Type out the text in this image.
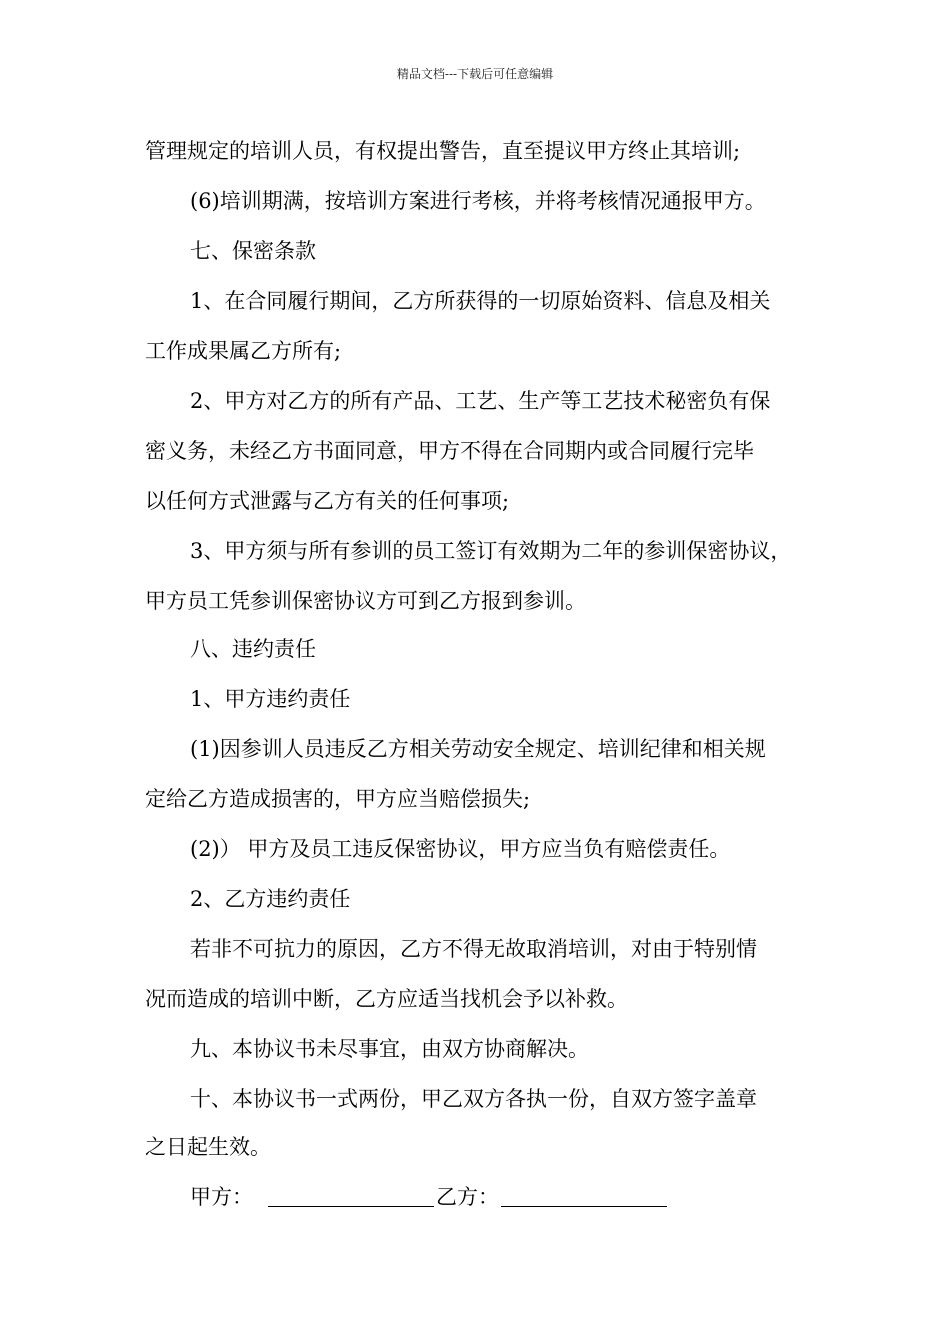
精品文档---下载后可任意编辑
管理规定的培训人员，有权提出警告，直至提议甲方终止其培训;
(6)培训期满，按培训方案进行考核，并将考核情况通报甲方。
七、保密条款
1、在合同履行期间，乙方所获得的一切原始资料、信息及相关
工作成果属乙方所有;
2、甲方对乙方的所有产品、工艺、生产等工艺技术秘密负有保
密义务，未经乙方书面同意，甲方不得在合同期内或合同履行完毕
以任何方式泄露与乙方有关的任何事项;
3、甲方须与所有参训的员工签订有效期为二年的参训保密协议，
甲方员工凭参训保密协议方可到乙方报到参训。
八、违约责任
1、甲方违约责任
(1)因参训人员违反乙方相关劳动安全规定、培训纪律和相关规
定给乙方造成损害的，甲方应当赔偿损失;
(2)） 甲方及员工违反保密协议，甲方应当负有赔偿责任。
2、乙方违约责任
若非不可抗力的原因，乙方不得无故取消培训，对由于特别情
况而造成的培训中断，乙方应适当找机会予以补救。
九、本协议书未尽事宜，由双方协商解决。
十、本协议书一式两份，甲乙双方各执一份，自双方签字盖章
之日起生效。
甲方：	乙方：
